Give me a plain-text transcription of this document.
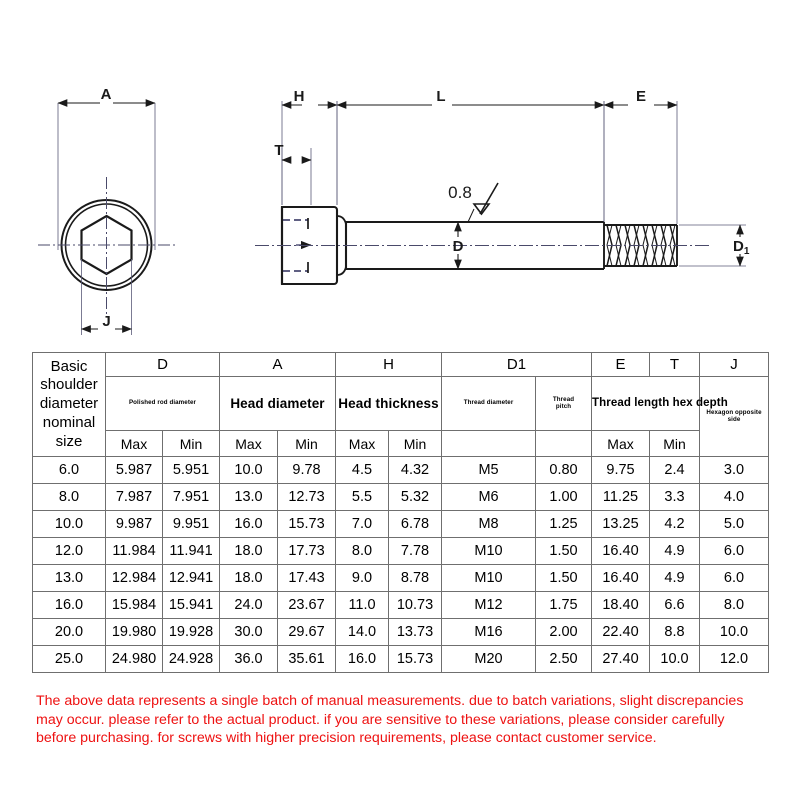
A
J
H
T
L	E
D	$D_1$
0.8
Basic shoulder
diameter
nominal size	D		A		H		D1		E	T	J
	Polished rod diameter		Head diameter		Head thickness		Thread diameter	Thread
pitch	Thread length hex depth		Hexagon opposite
side
	Max	Min	Max	Min	Max	Min			Max	Min	
6.0	5.987	5.951	10.0	9.78	4.5	4.32	M5	0.80	9.75	2.4	3.0
8.0	7.987	7.951	13.0	12.73	5.5	5.32	M6	1.00	11.25	3.3	4.0
10.0	9.987	9.951	16.0	15.73	7.0	6.78	M8	1.25	13.25	4.2	5.0
12.0	11.984	11.941	18.0	17.73	8.0	7.78	M10	1.50	16.40	4.9	6.0
13.0	12.984	12.941	18.0	17.43	9.0	8.78	M10	1.50	16.40	4.9	6.0
16.0	15.984	15.941	24.0	23.67	11.0	10.73	M12	1.75	18.40	6.6	8.0
20.0	19.980	19.928	30.0	29.67	14.0	13.73	M16	2.00	22.40	8.8	10.0
25.0	24.980	24.928	36.0	35.61	16.0	15.73	M20	2.50	27.40	10.0	12.0
The above data represents a single batch of manual measurements. due to batch variations, slight discrepancies may occur. please refer to the actual product. if you are sensitive to these variations, please consider carefully before purchasing. for screws with higher precision requirements, please contact customer service.
